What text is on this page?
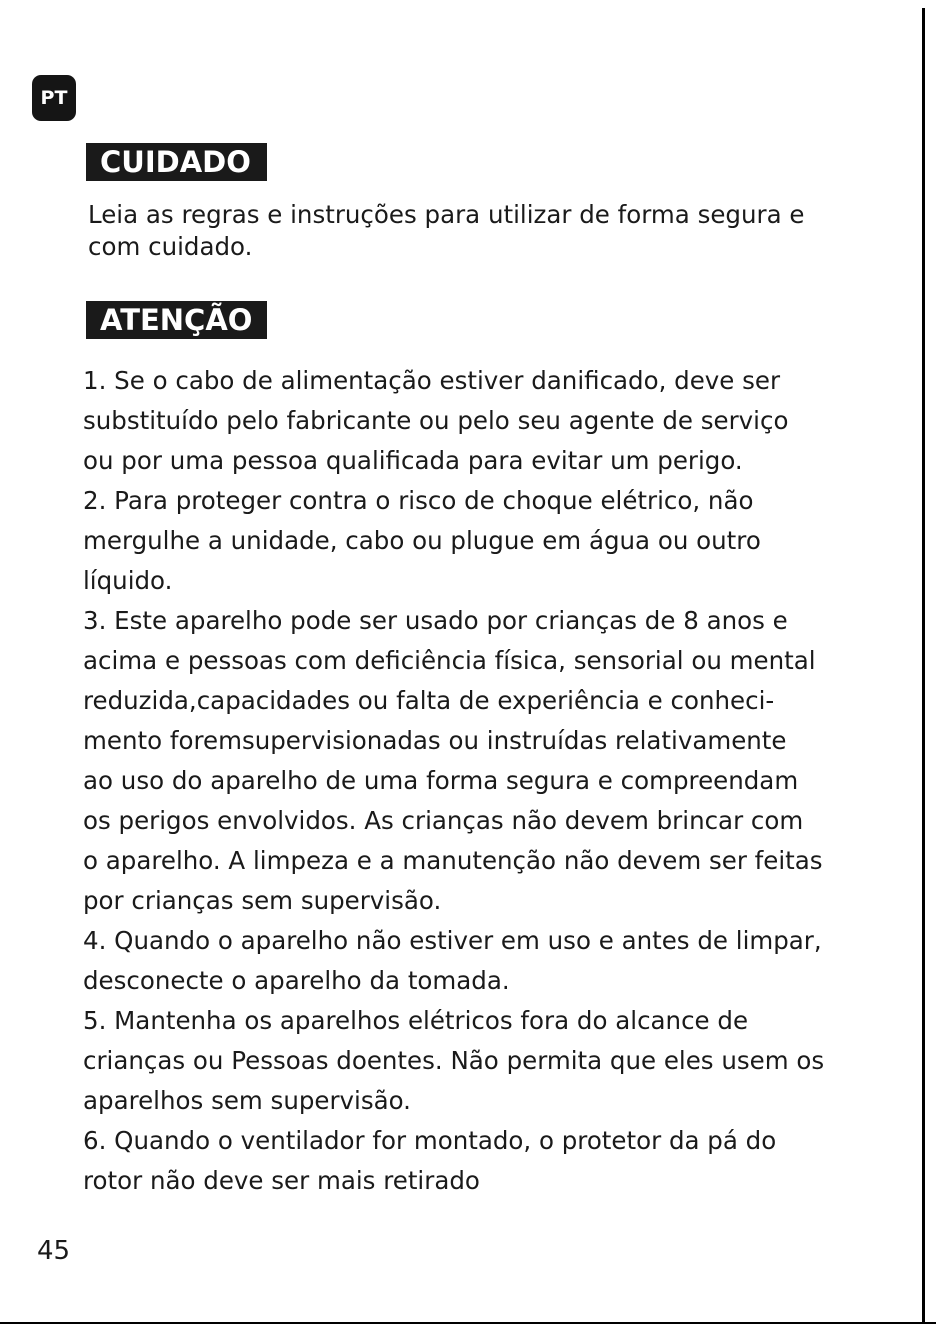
PT
CUIDADO
Leia as regras e instruções para utilizar de forma segura e
com cuidado.
ATENÇÃO
1. Se o cabo de alimentação estiver danificado, deve ser
substituído pelo fabricante ou pelo seu agente de serviço
ou por uma pessoa qualificada para evitar um perigo.
2. Para proteger contra o risco de choque elétrico, não
mergulhe a unidade, cabo ou plugue em água ou outro
líquido.
3. Este aparelho pode ser usado por crianças de 8 anos e
acima e pessoas com deficiência física, sensorial ou mental
reduzida,capacidades ou falta de experiência e conheci-
mento foremsupervisionadas ou instruídas relativamente
ao uso do aparelho de uma forma segura e compreendam
os perigos envolvidos. As crianças não devem brincar com
o aparelho. A limpeza e a manutenção não devem ser feitas
por crianças sem supervisão.
4. Quando o aparelho não estiver em uso e antes de limpar,
desconecte o aparelho da tomada.
5. Mantenha os aparelhos elétricos fora do alcance de
crianças ou Pessoas doentes. Não permita que eles usem os
aparelhos sem supervisão.
6. Quando o ventilador for montado, o protetor da pá do
rotor não deve ser mais retirado
45
